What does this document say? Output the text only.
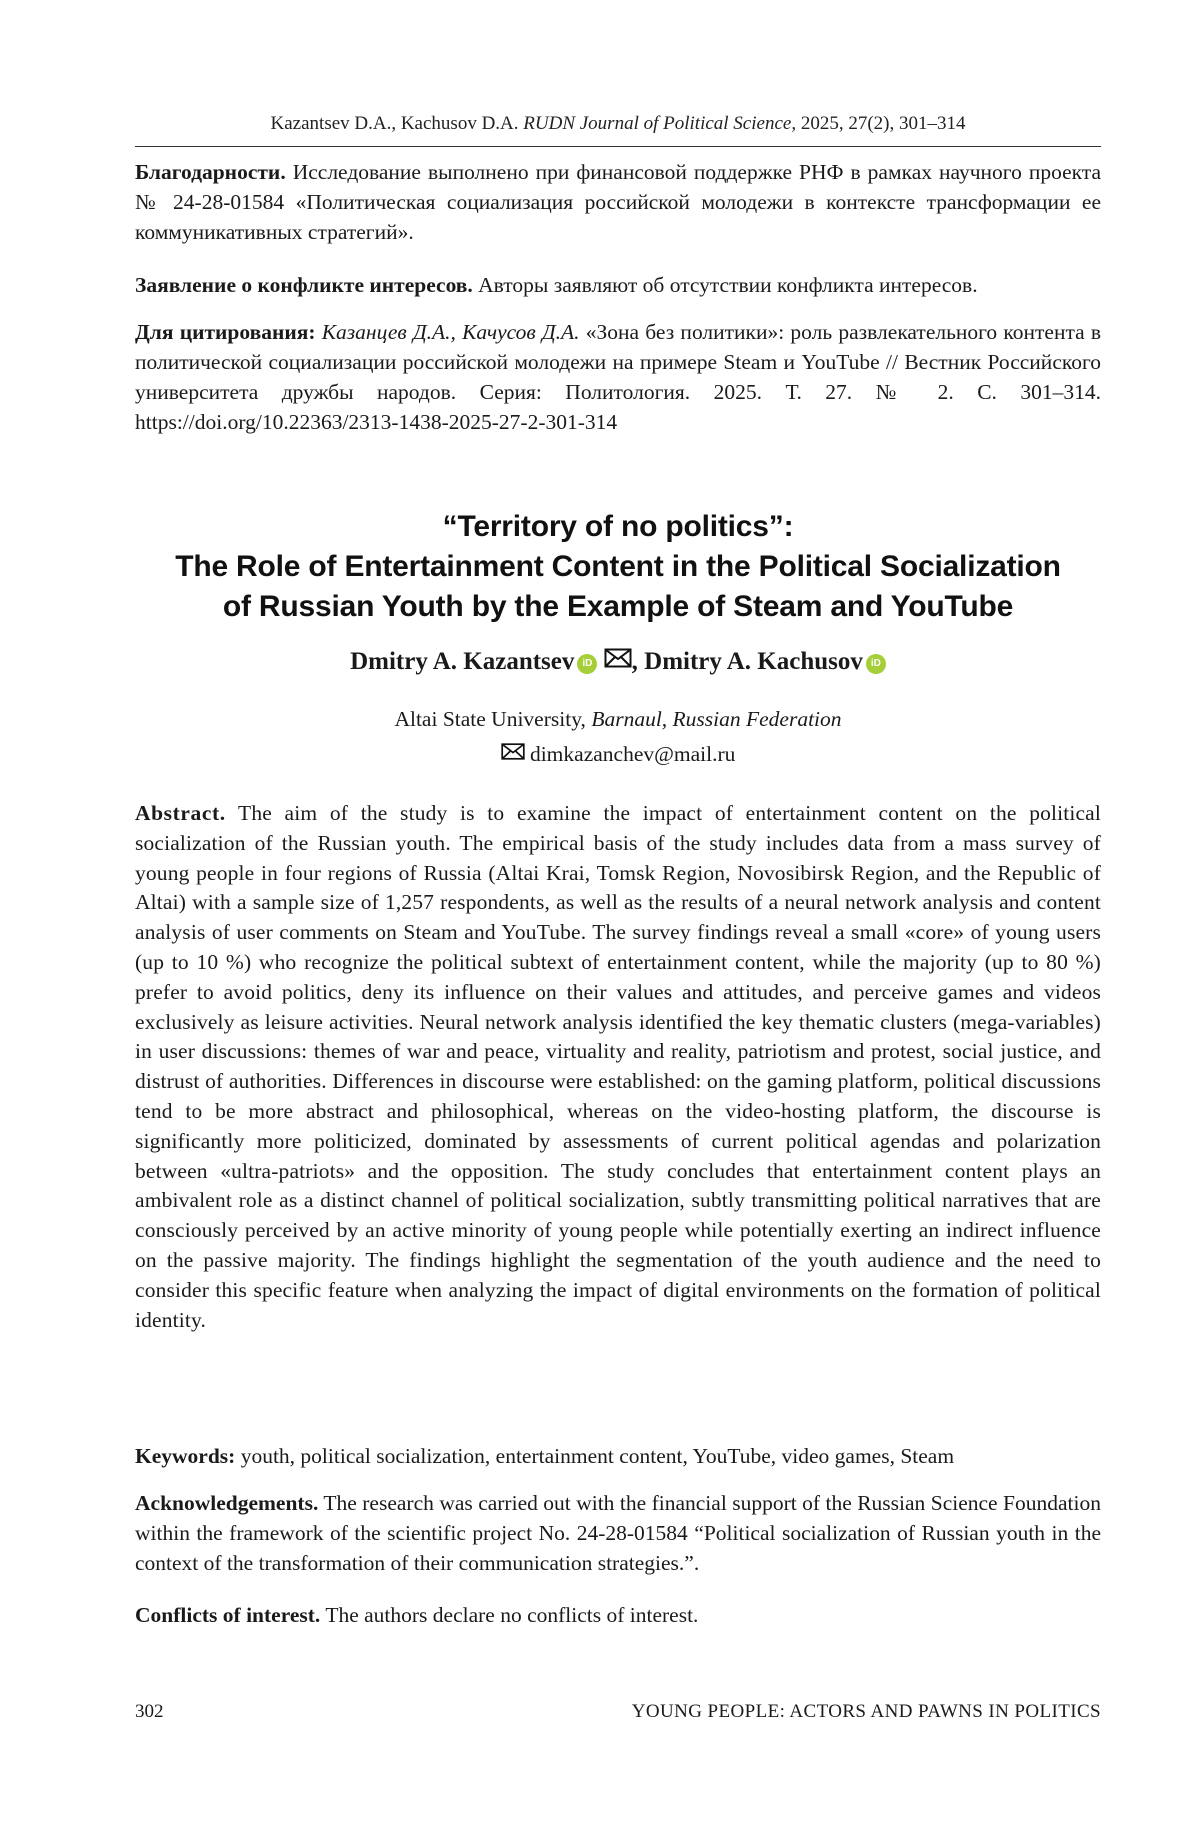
Kazantsev D.A., Kachusov D.A. RUDN Journal of Political Science, 2025, 27(2), 301–314
Благодарности. Исследование выполнено при финансовой поддержке РНФ в рамках научного проекта № 24-28-01584 «Политическая социализация российской молодежи в контексте трансформации ее коммуникативных стратегий».
Заявление о конфликте интересов. Авторы заявляют об отсутствии конфликта интересов.
Для цитирования: Казанцев Д.А., Качусов Д.А. «Зона без политики»: роль развлекательного контента в политической социализации российской молодежи на примере Steam и YouTube // Вестник Российского университета дружбы народов. Серия: Политология. 2025. Т. 27. № 2. С. 301–314. https://doi.org/10.22363/2313-1438-2025-27-2-301-314
“Territory of no politics”:
The Role of Entertainment Content in the Political Socialization
of Russian Youth by the Example of Steam and YouTube
Dmitry A. Kazantsev iD , Dmitry A. Kachusov iD
Altai State University, Barnaul, Russian Federation
dimkazanchev@mail.ru
Abstract. The aim of the study is to examine the impact of entertainment content on the political socialization of the Russian youth. The empirical basis of the study includes data from a mass survey of young people in four regions of Russia (Altai Krai, Tomsk Region, Novosibirsk Region, and the Republic of Altai) with a sample size of 1,257 respondents, as well as the results of a neural network analysis and content analysis of user comments on Steam and YouTube. The survey findings reveal a small «core» of young users (up to 10 %) who recognize the political subtext of entertainment content, while the majority (up to 80 %) prefer to avoid politics, deny its influence on their values and attitudes, and perceive games and videos exclusively as leisure activities. Neural network analysis identified the key thematic clusters (mega-variables) in user discussions: themes of war and peace, virtuality and reality, patriotism and protest, social justice, and distrust of authorities. Differences in discourse were established: on the gaming platform, political discussions tend to be more abstract and philosophical, whereas on the video-hosting platform, the discourse is significantly more politicized, dominated by assessments of current political agendas and polarization between «ultra-patriots» and the opposition. The study concludes that entertainment content plays an ambivalent role as a distinct channel of political socialization, subtly transmitting political narratives that are consciously perceived by an active minority of young people while potentially exerting an indirect influence on the passive majority. The findings highlight the segmentation of the youth audience and the need to consider this specific feature when analyzing the impact of digital environments on the formation of political identity.
Keywords: youth, political socialization, entertainment content, YouTube, video games, Steam
Acknowledgements. The research was carried out with the financial support of the Russian Science Foundation within the framework of the scientific project No. 24-28-01584 “Political socialization of Russian youth in the context of the transformation of their communication strategies.”.
Conflicts of interest. The authors declare no conflicts of interest.
302	YOUNG PEOPLE: ACTORS AND PAWNS IN POLITICS
